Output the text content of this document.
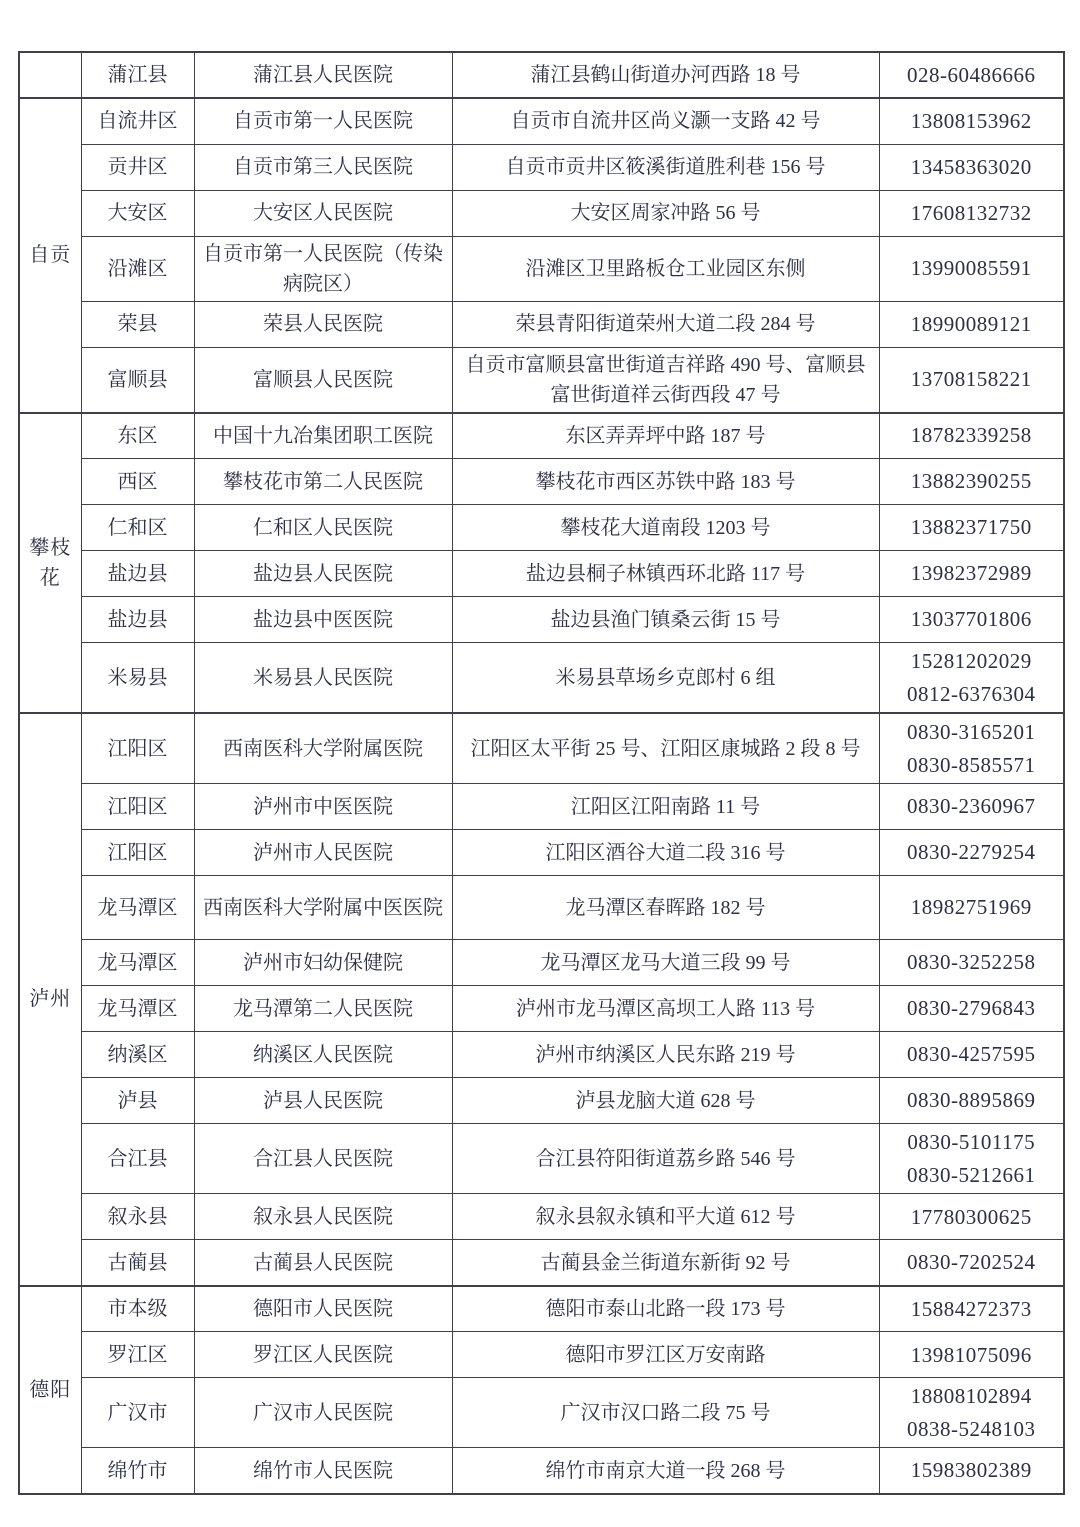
	蒲江县	蒲江县人民医院	蒲江县鹤山街道办河西路 18 号	028-60486666

自贡	自流井区	自贡市第一人民医院	自贡市自流井区尚义灏一支路 42 号	13808153962

	贡井区	自贡市第三人民医院	自贡市贡井区筱溪街道胜利巷 156 号	13458363020

	大安区	大安区人民医院	大安区周家冲路 56 号	17608132732

	沿滩区	自贡市第一人民医院（传染病院区）	沿滩区卫里路板仓工业园区东侧	13990085591

	荣县	荣县人民医院	荣县青阳街道荣州大道二段 284 号	18990089121

	富顺县	富顺县人民医院	自贡市富顺县富世街道吉祥路 490 号、富顺县富世街道祥云街西段 47 号	13708158221

攀枝花	东区	中国十九冶集团职工医院	东区弄弄坪中路 187 号	18782339258

	西区	攀枝花市第二人民医院	攀枝花市西区苏铁中路 183 号	13882390255

	仁和区	仁和区人民医院	攀枝花大道南段 1203 号	13882371750

	盐边县	盐边县人民医院	盐边县桐子林镇西环北路 117 号	13982372989

	盐边县	盐边县中医医院	盐边县渔门镇桑云街 15 号	13037701806

	米易县	米易县人民医院	米易县草场乡克郎村 6 组	15281202029
0812-6376304

泸州	江阳区	西南医科大学附属医院	江阳区太平街 25 号、江阳区康城路 2 段 8 号	0830-3165201
0830-8585571

	江阳区	泸州市中医医院	江阳区江阳南路 11 号	0830-2360967

	江阳区	泸州市人民医院	江阳区酒谷大道二段 316 号	0830-2279254

	龙马潭区	西南医科大学附属中医医院	龙马潭区春晖路 182 号	18982751969

	龙马潭区	泸州市妇幼保健院	龙马潭区龙马大道三段 99 号	0830-3252258

	龙马潭区	龙马潭第二人民医院	泸州市龙马潭区高坝工人路 113 号	0830-2796843

	纳溪区	纳溪区人民医院	泸州市纳溪区人民东路 219 号	0830-4257595

	泸县	泸县人民医院	泸县龙脑大道 628 号	0830-8895869

	合江县	合江县人民医院	合江县符阳街道荔乡路 546 号	0830-5101175
0830-5212661

	叙永县	叙永县人民医院	叙永县叙永镇和平大道 612 号	17780300625

	古蔺县	古蔺县人民医院	古蔺县金兰街道东新街 92 号	0830-7202524

德阳	市本级	德阳市人民医院	德阳市泰山北路一段 173 号	15884272373

	罗江区	罗江区人民医院	德阳市罗江区万安南路	13981075096

	广汉市	广汉市人民医院	广汉市汉口路二段 75 号	18808102894
0838-5248103

	绵竹市	绵竹市人民医院	绵竹市南京大道一段 268 号	15983802389
